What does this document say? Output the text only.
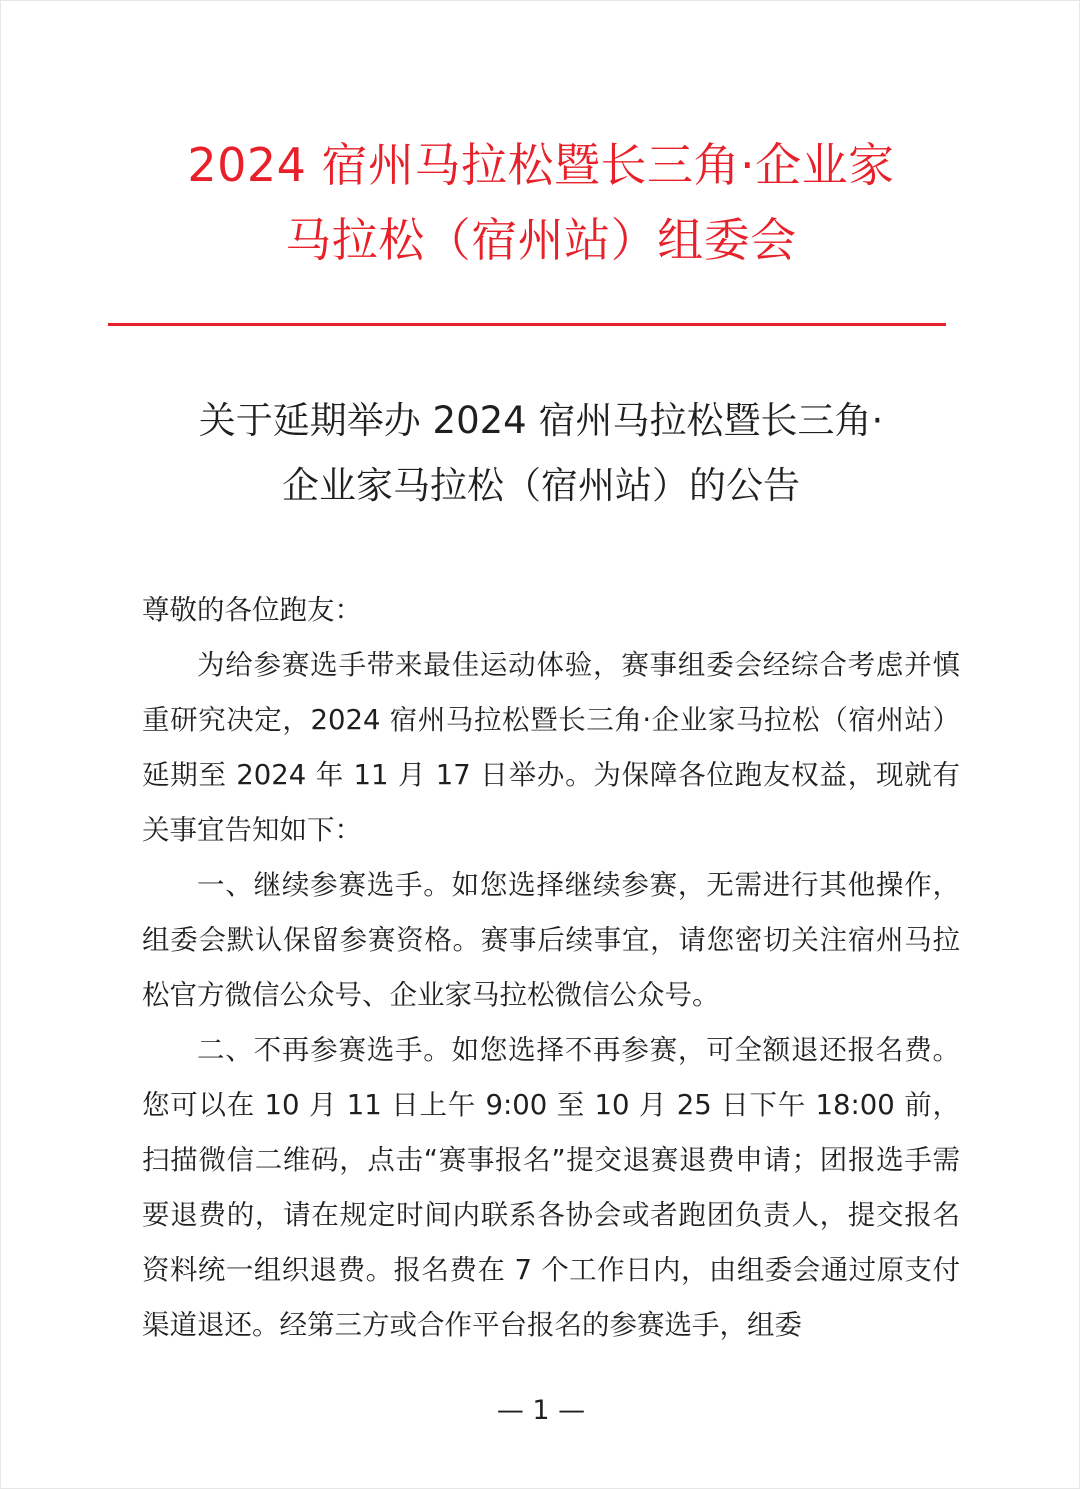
2024 宿州马拉松暨长三角·企业家
马拉松（宿州站）组委会
关于延期举办 2024 宿州马拉松暨长三角·
企业家马拉松（宿州站）的公告

尊敬的各位跑友：

为给参赛选手带来最佳运动体验，赛事组委会经综合考虑并慎重研究决定，2024 宿州马拉松暨长三角·企业家马拉松（宿州站）延期至 2024 年 11 月 17 日举办。为保障各位跑友权益，现就有关事宜告知如下：

一、继续参赛选手。如您选择继续参赛，无需进行其他操作，组委会默认保留参赛资格。赛事后续事宜，请您密切关注宿州马拉松官方微信公众号、企业家马拉松微信公众号。

二、不再参赛选手。如您选择不再参赛，可全额退还报名费。您可以在 10 月 11 日上午 9:00 至 10 月 25 日下午 18:00 前，扫描微信二维码，点击“赛事报名”提交退赛退费申请；团报选手需要退费的，请在规定时间内联系各协会或者跑团负责人，提交报名资料统一组织退费。报名费在 7 个工作日内，由组委会通过原支付渠道退还。经第三方或合作平台报名的参赛选手，组委

— 1 —
